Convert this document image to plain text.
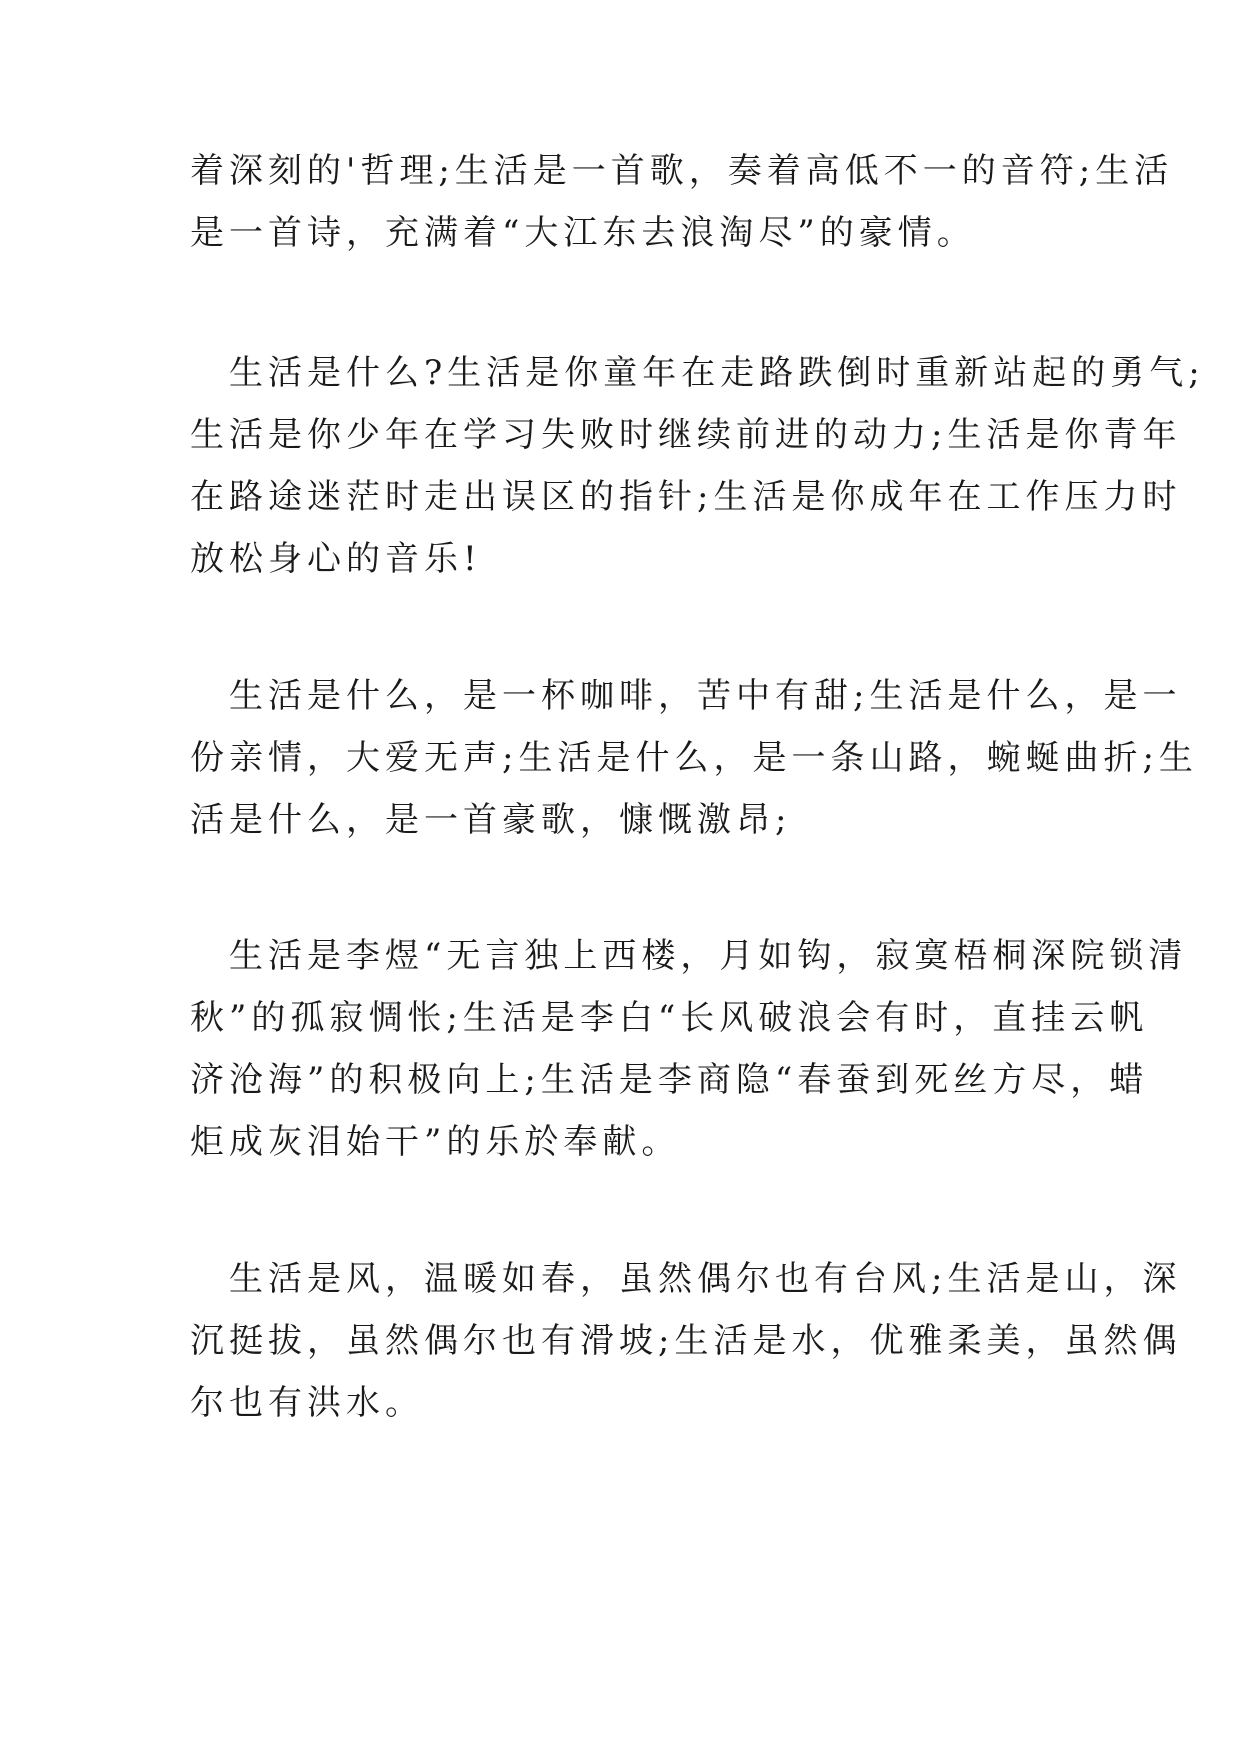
着深刻的'哲理;生活是一首歌，奏着高低不一的音符;生活
是一首诗，充满着“大江东去浪淘尽”的豪情。

　生活是什么?生活是你童年在走路跌倒时重新站起的勇气;
生活是你少年在学习失败时继续前进的动力;生活是你青年
在路途迷茫时走出误区的指针;生活是你成年在工作压力时
放松身心的音乐!

　生活是什么，是一杯咖啡，苦中有甜;生活是什么，是一
份亲情，大爱无声;生活是什么，是一条山路，蜿蜒曲折;生
活是什么，是一首豪歌，慷慨激昂;

　生活是李煜“无言独上西楼，月如钩，寂寞梧桐深院锁清
秋”的孤寂惆怅;生活是李白“长风破浪会有时，直挂云帆
济沧海”的积极向上;生活是李商隐“春蚕到死丝方尽，蜡
炬成灰泪始干”的乐於奉献。

　生活是风，温暖如春，虽然偶尔也有台风;生活是山，深
沉挺拔，虽然偶尔也有滑坡;生活是水，优雅柔美，虽然偶
尔也有洪水。
